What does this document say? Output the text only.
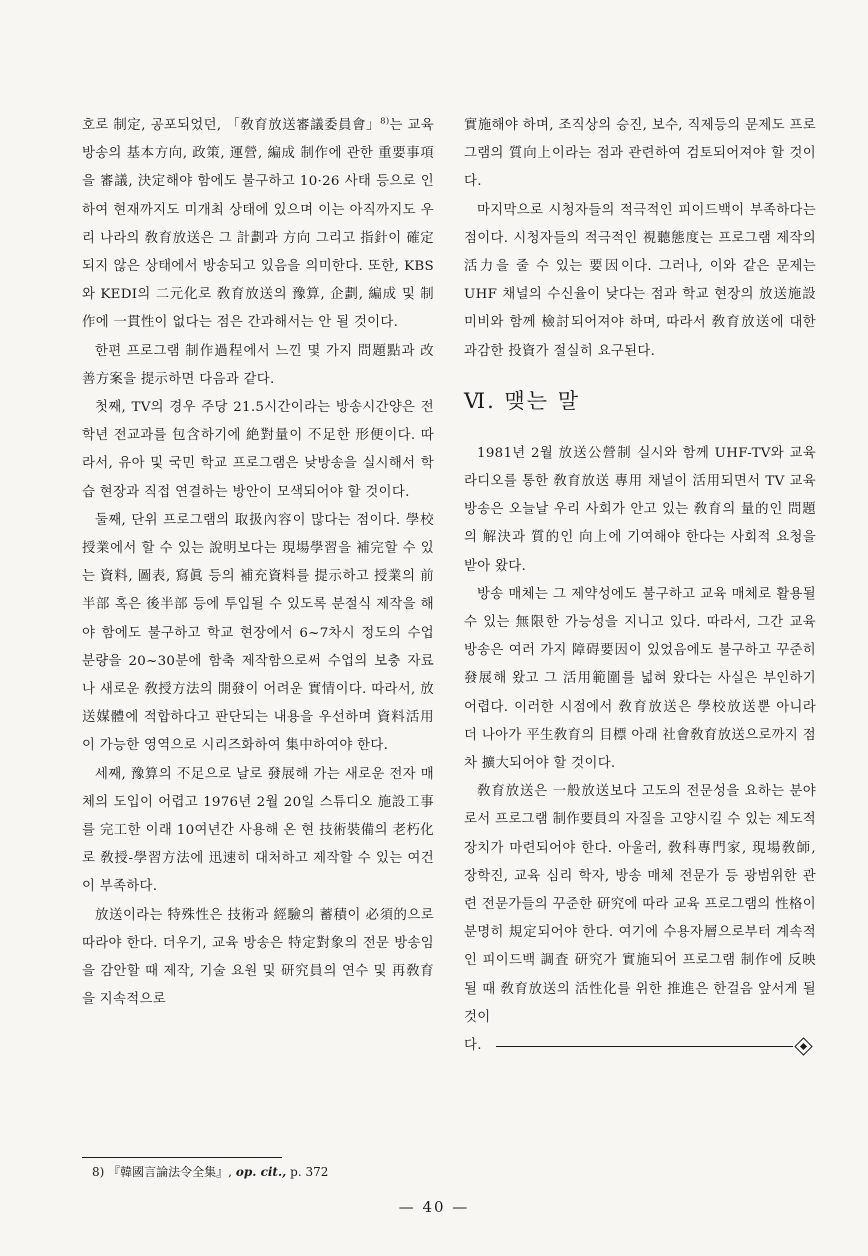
호로 制定, 공포되었던, 「敎育放送審議委員會」$^{8)}$는 교육 방송의 基本方向, 政策, 運營, 編成 制作에 관한 重要事項을 審議, 決定해야 함에도 불구하고 10·26 사태 등으로 인하여 현재까지도 미개최 상태에 있으며 이는 아직까지도 우리 나라의 敎育放送은 그 計劃과 方向 그리고 指針이 確定되지 않은 상태에서 방송되고 있음을 의미한다. 또한, KBS와 KEDI의 二元化로 敎育放送의 豫算, 企劃, 編成 및 制作에 一貫性이 없다는 점은 간과해서는 안 될 것이다.

한편 프로그램 制作過程에서 느낀 몇 가지 問題點과 改善方案을 提示하면 다음과 같다.

첫째, TV의 경우 주당 21.5시간이라는 방송시간양은 전학년 전교과를 包含하기에 絶對量이 不足한 形便이다. 따라서, 유아 및 국민 학교 프로그램은 낮방송을 실시해서 학습 현장과 직접 연결하는 방안이 모색되어야 할 것이다.

둘째, 단위 프로그램의 取扱內容이 많다는 점이다. 學校授業에서 할 수 있는 說明보다는 現場學習을 補完할 수 있는 資料, 圖表, 寫眞 등의 補充資料를 提示하고 授業의 前半部 혹은 後半部 등에 투입될 수 있도록 분절식 제작을 해야 함에도 불구하고 학교 현장에서 6~7차시 정도의 수업 분량을 20~30분에 함축 제작함으로써 수업의 보충 자료나 새로운 敎授方法의 開發이 어려운 實情이다. 따라서, 放送媒體에 적합하다고 판단되는 내용을 우선하며 資料活用이 가능한 영역으로 시리즈화하여 集中하여야 한다.

세째, 豫算의 不足으로 날로 發展해 가는 새로운 전자 매체의 도입이 어렵고 1976년 2월 20일 스튜디오 施設工事를 完工한 이래 10여년간 사용해 온 현 技術裝備의 老朽化로 敎授-學習方法에 迅速히 대처하고 제작할 수 있는 여건이 부족하다.

放送이라는 特殊性은 技術과 經驗의 蓄積이 必須的으로 따라야 한다. 더우기, 교육 방송은 特定對象의 전문 방송임을 감안할 때 제작, 기술 요원 및 研究員의 연수 및 再敎育을 지속적으로

實施해야 하며, 조직상의 승진, 보수, 직제등의 문제도 프로그램의 質向上이라는 점과 관련하여 검토되어져야 할 것이다.

마지막으로 시청자들의 적극적인 피이드백이 부족하다는 점이다. 시청자들의 적극적인 視聽態度는 프로그램 제작의 活力을 줄 수 있는 要因이다. 그러나, 이와 같은 문제는 UHF 채널의 수신율이 낮다는 점과 학교 현장의 放送施設 미비와 함께 檢討되어져야 하며, 따라서 敎育放送에 대한 과감한 投資가 절실히 요구된다.

Ⅵ. 맺는 말

1981년 2월 放送公營制 실시와 함께 UHF-TV와 교육 라디오를 통한 敎育放送 專用 채널이 活用되면서 TV 교육 방송은 오늘날 우리 사회가 안고 있는 敎育의 量的인 問題의 解決과 質的인 向上에 기여해야 한다는 사회적 요청을 받아 왔다.

방송 매체는 그 제약성에도 불구하고 교육 매체로 활용될 수 있는 無限한 가능성을 지니고 있다. 따라서, 그간 교육 방송은 여러 가지 障碍要因이 있었음에도 불구하고 꾸준히 發展해 왔고 그 活用範圍를 넓혀 왔다는 사실은 부인하기 어렵다. 이러한 시점에서 敎育放送은 學校放送뿐 아니라 더 나아가 平生敎育의 目標 아래 社會敎育放送으로까지 점차 擴大되어야 할 것이다.

敎育放送은 一般放送보다 고도의 전문성을 요하는 분야로서 프로그램 制作要員의 자질을 고양시킬 수 있는 제도적 장치가 마련되어야 한다. 아울러, 敎科專門家, 現場敎師, 장학진, 교육 심리 학자, 방송 매체 전문가 등 광범위한 관련 전문가들의 꾸준한 研究에 따라 교육 프로그램의 性格이 분명히 規定되어야 한다. 여기에 수용자層으로부터 계속적인 피이드백 調査 研究가 實施되어 프로그램 制作에 反映될 때 敎育放送의 活性化를 위한 推進은 한걸음 앞서게 될 것이

다.
8) 『韓國言論法令全集』, op. cit., p. 372
— 40 —
